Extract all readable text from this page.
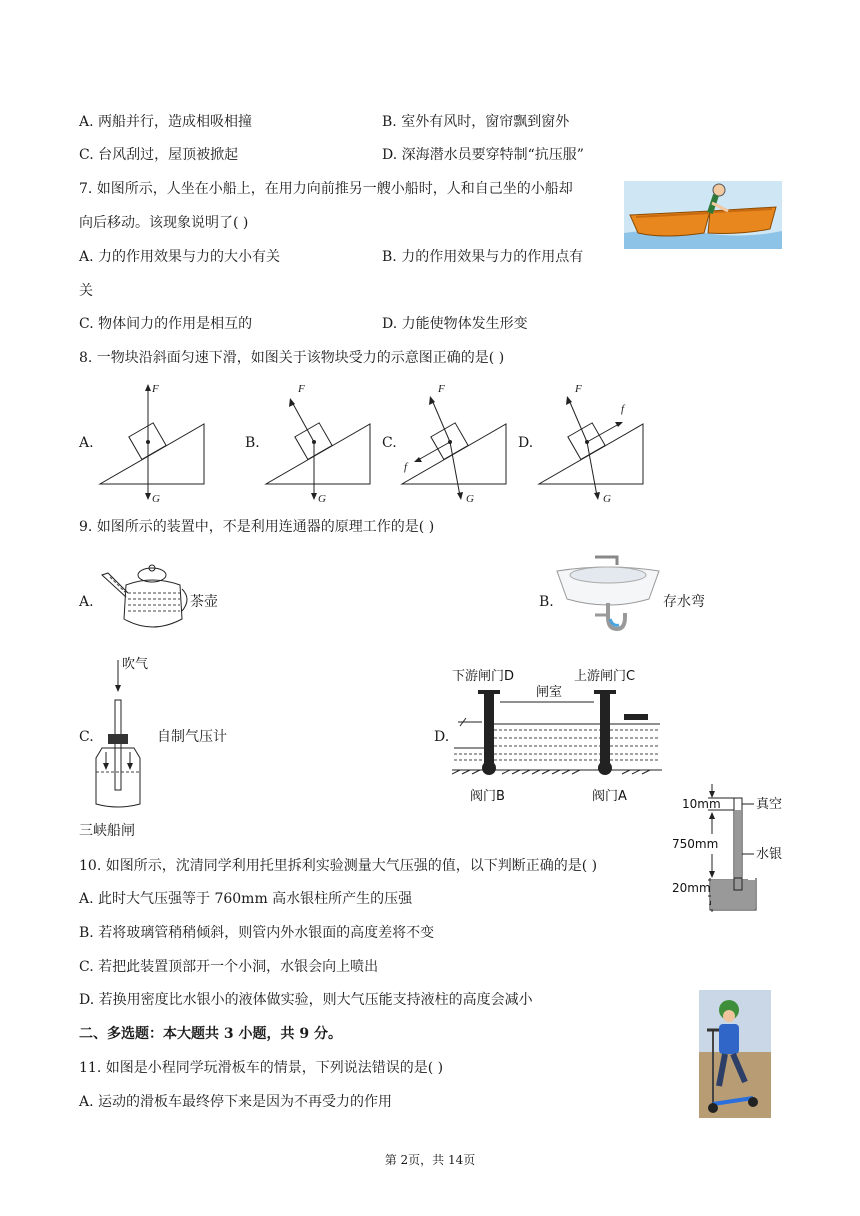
A. 两船并行，造成相吸相撞	B. 室外有风时，窗帘飘到窗外
C. 台风刮过，屋顶被掀起	D. 深海潜水员要穿特制“抗压服”
7. 如图所示，人坐在小船上，在用力向前推另一艘小船时，人和自己坐的小船却
向后移动。该现象说明了( )
A. 力的作用效果与力的大小有关	B. 力的作用效果与力的作用点有
关
C. 物体间力的作用是相互的	D. 力能使物体发生形变
8. 一物块沿斜面匀速下滑，如图关于该物块受力的示意图正确的是( )
A.
F
G
B.
F
G
C.
F
f
G
D.
F
f
G
9. 如图所示的装置中，不是利用连通器的原理工作的是( )
A.	茶壶	B.	存水弯
C.
吹气
自制气压计	D.
下游闸门D
闸室
上游闸门C
阀门B	阀门A
三峡船闸
10mm
750mm
20mm
真空
水银
10. 如图所示，沈清同学利用托里拆利实验测量大气压强的值，以下判断正确的是( )
A. 此时大气压强等于 760mm 高水银柱所产生的压强
B. 若将玻璃管稍稍倾斜，则管内外水银面的高度差将不变
C. 若把此装置顶部开一个小洞，水银会向上喷出
D. 若换用密度比水银小的液体做实验，则大气压能支持液柱的高度会减小
二、多选题：本大题共 3 小题，共 9 分。
11. 如图是小程同学玩滑板车的情景，下列说法错误的是( )
A. 运动的滑板车最终停下来是因为不再受力的作用
第 2页，共 14页
